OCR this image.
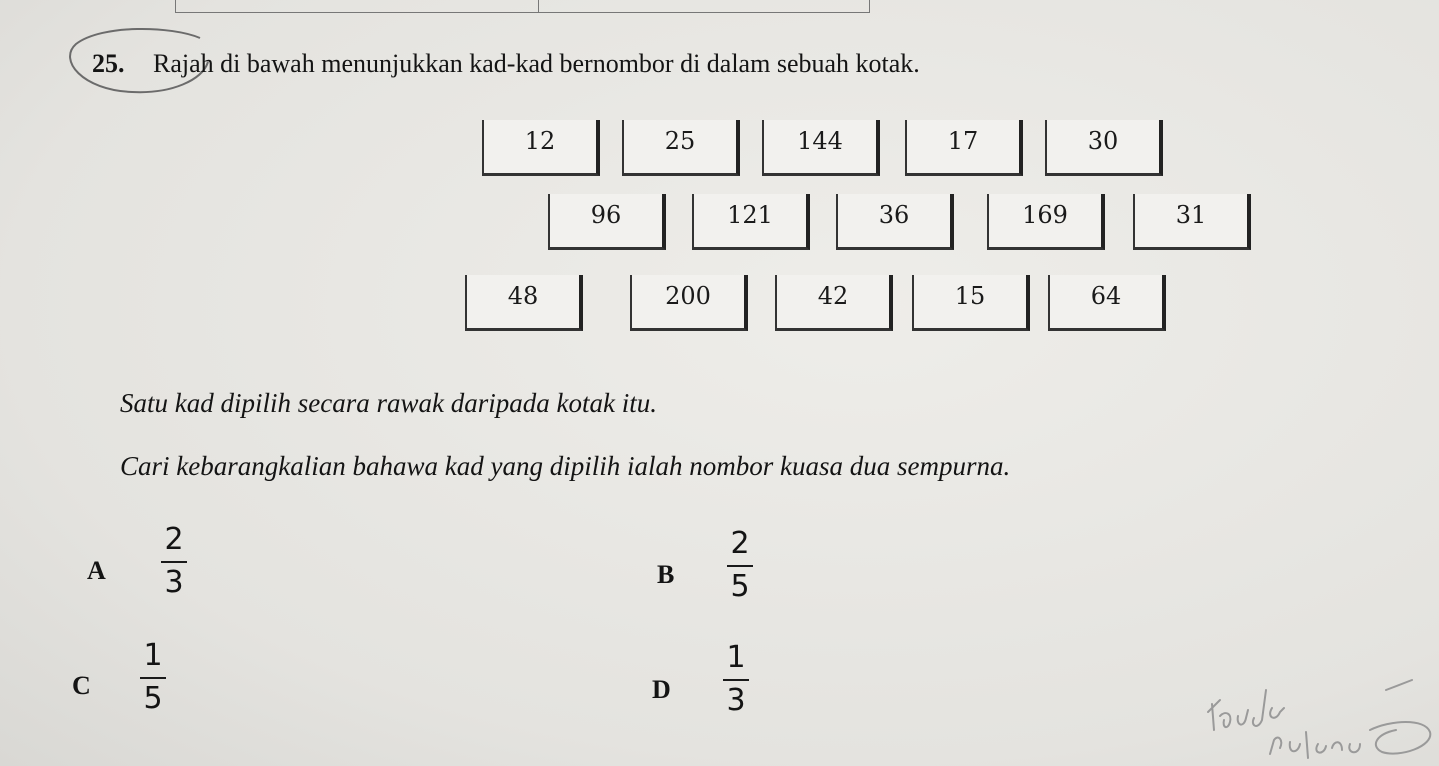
25. Rajah di bawah menunjukkan kad-kad bernombor di dalam sebuah kotak.
12	25	144	17	30
96	121	36	169	31
48	200	42	15	64
Satu kad dipilih secara rawak daripada kotak itu.
Cari kebarangkalian bahawa kad yang dipilih ialah nombor kuasa dua sempurna.
A
2
3	B
2
5
C
1
5	D
1
3
